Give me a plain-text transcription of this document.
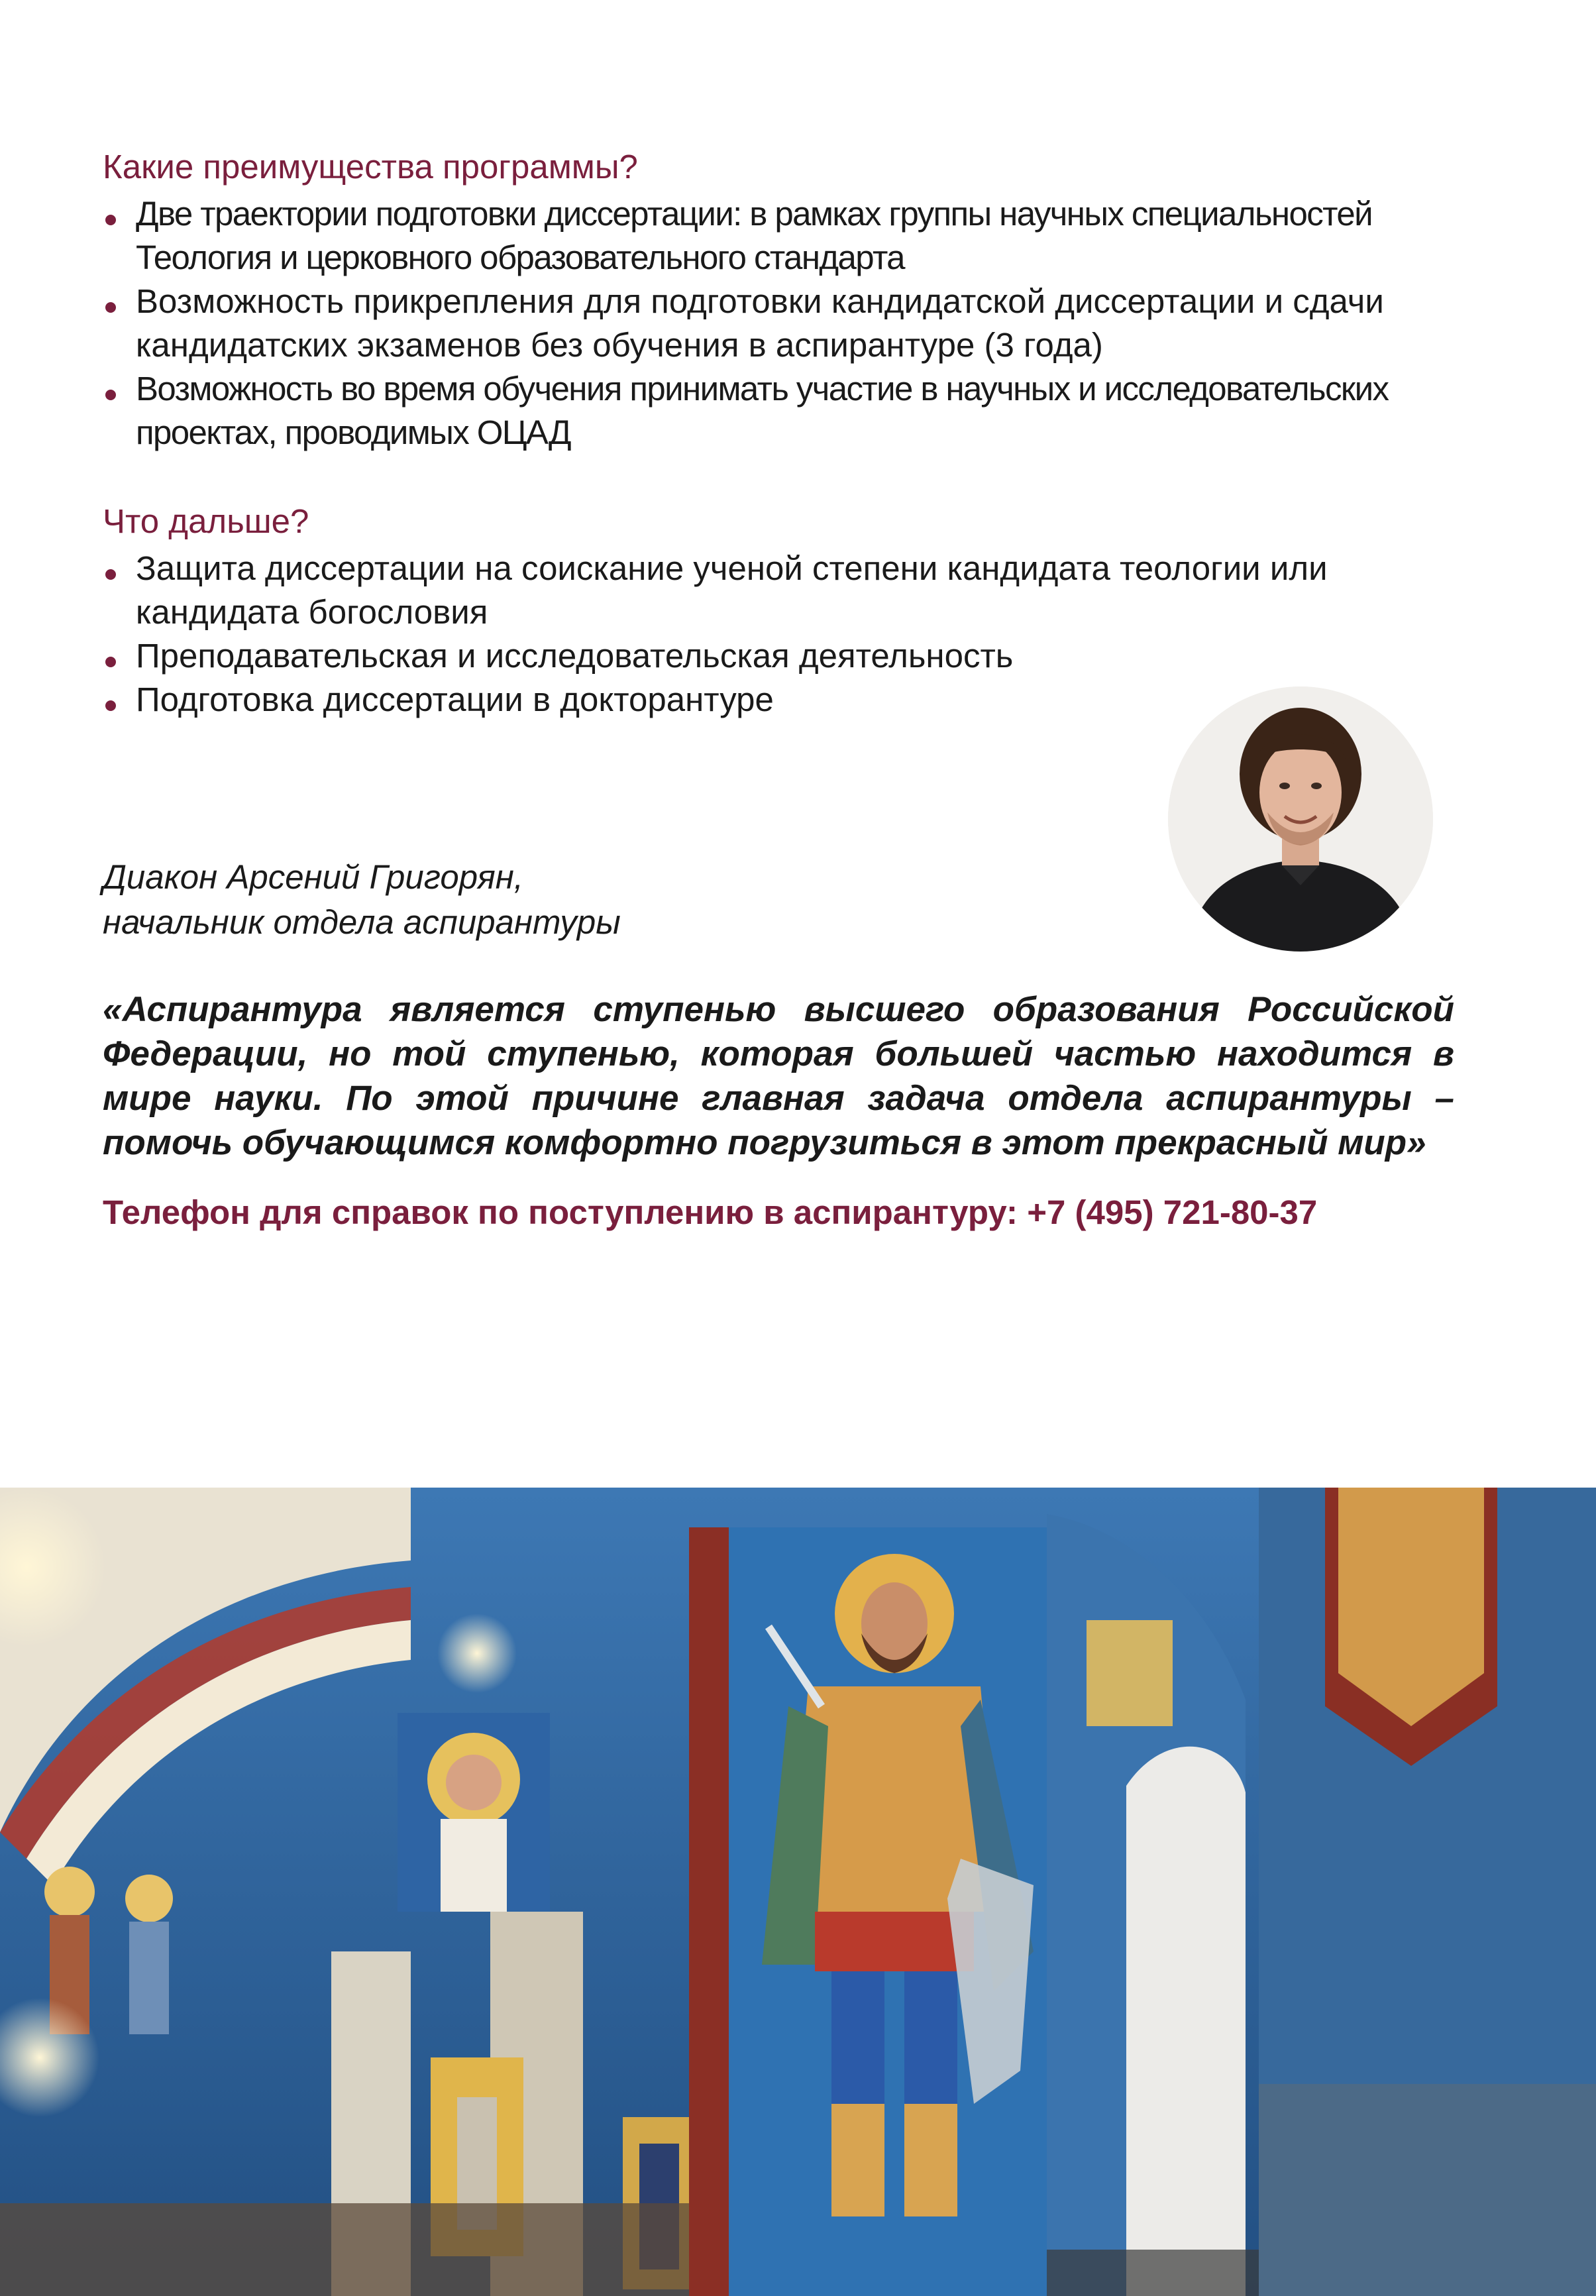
Какие преимущества программы?
Две траектории подготовки диссертации: в рамках группы научных специальностей Теология и церковного образовательного стандарта
Возможность прикрепления для подготовки кандидатской диссертации и сдачи кандидатских экзаменов без обучения в аспирантуре (3 года)
Возможность во время обучения принимать участие в научных и исследовательских проектах, проводимых ОЦАД
Что дальше?
Защита диссертации на соискание ученой степени кандидата теологии или кандидата богословия
Преподавательская и исследовательская деятельность
Подготовка диссертации в докторантуре

Диакон Арсений Григорян,
начальник отдела аспирантуры

«Аспирантура является ступенью высшего образования Российской Федерации, но той ступенью, которая большей частью находится в мире науки. По этой причине главная задача отдела аспирантуры – помочь обучающимся комфортно погрузиться в этот прекрасный мир»

Телефон для справок по поступлению в аспирантуру: +7 (495) 721-80-37
